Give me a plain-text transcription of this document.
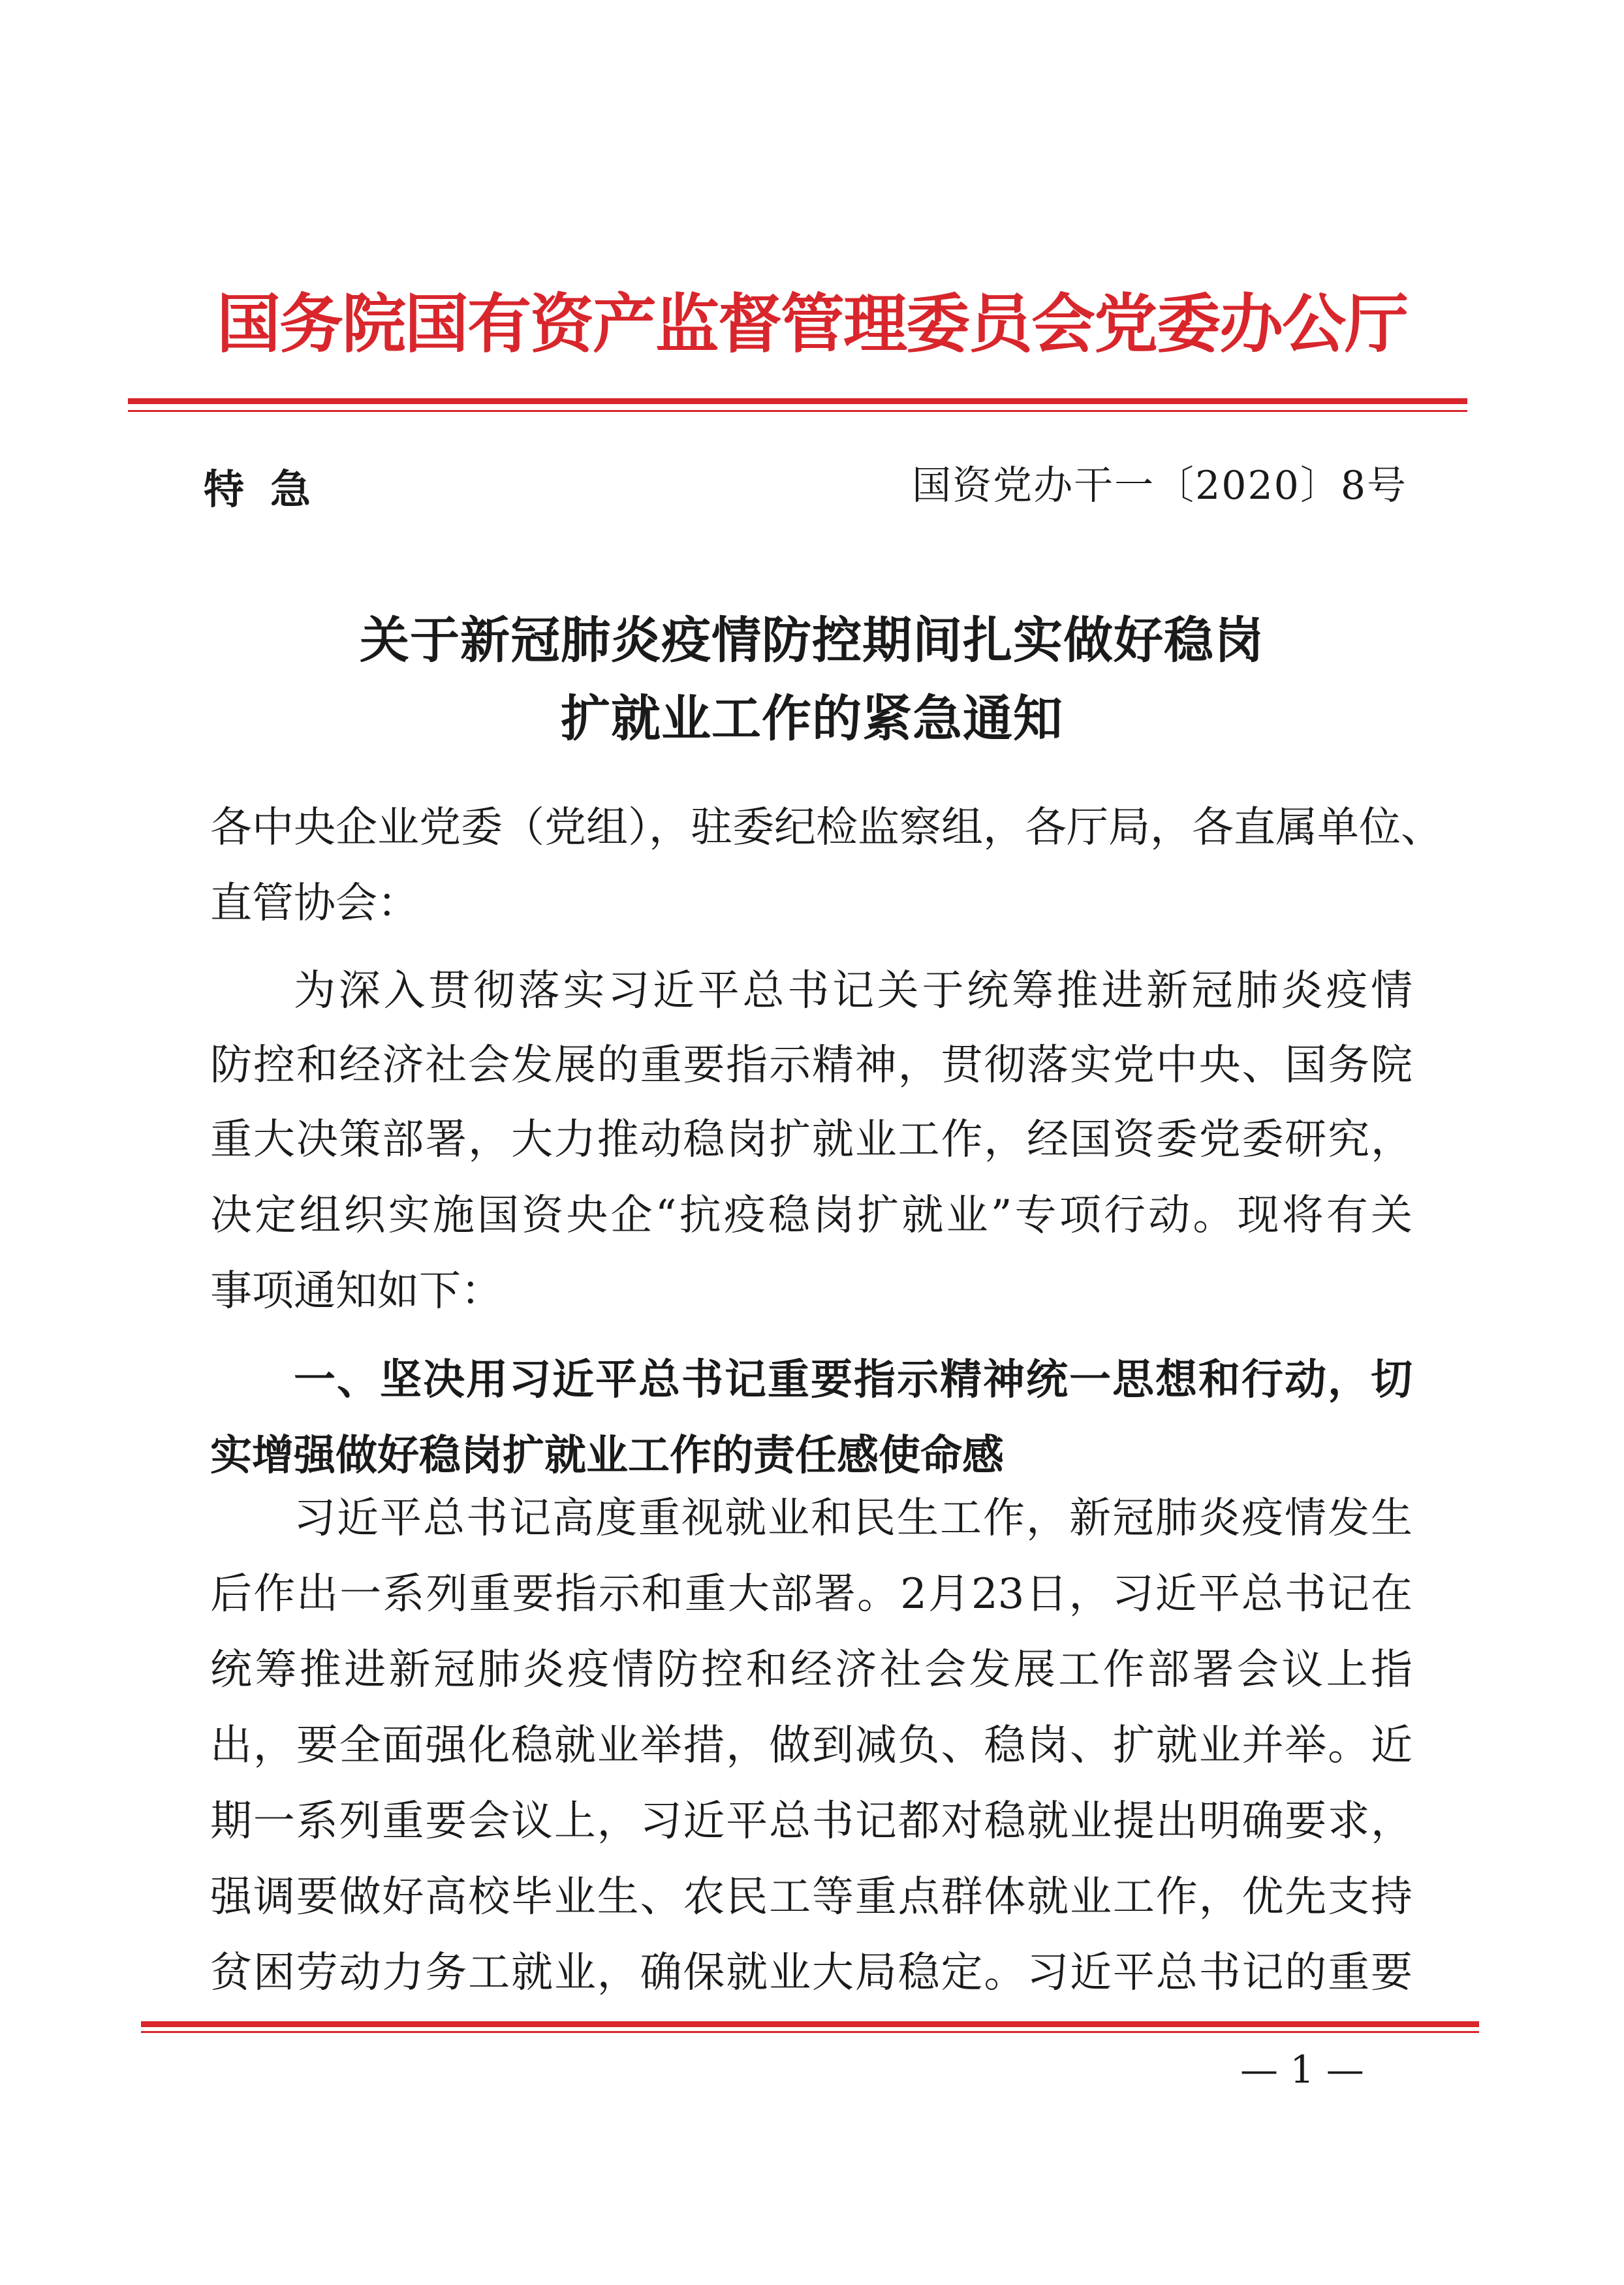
国务院国有资产监督管理委员会党委办公厅
特急	国资党办干一〔2020〕8号
关于新冠肺炎疫情防控期间扎实做好稳岗
扩就业工作的紧急通知
各中央企业党委（党组），驻委纪检监察组，各厅局，各直属单位、
直管协会：
为深入贯彻落实习近平总书记关于统筹推进新冠肺炎疫情
防控和经济社会发展的重要指示精神，贯彻落实党中央、国务院
重大决策部署，大力推动稳岗扩就业工作，经国资委党委研究，
决定组织实施国资央企“抗疫稳岗扩就业”专项行动。现将有关
事项通知如下：
一、坚决用习近平总书记重要指示精神统一思想和行动，切
实增强做好稳岗扩就业工作的责任感使命感
习近平总书记高度重视就业和民生工作，新冠肺炎疫情发生
后作出一系列重要指示和重大部署。2月23日，习近平总书记在
统筹推进新冠肺炎疫情防控和经济社会发展工作部署会议上指
出，要全面强化稳就业举措，做到减负、稳岗、扩就业并举。近
期一系列重要会议上，习近平总书记都对稳就业提出明确要求，
强调要做好高校毕业生、农民工等重点群体就业工作，优先支持
贫困劳动力务工就业，确保就业大局稳定。习近平总书记的重要
— 1 —
